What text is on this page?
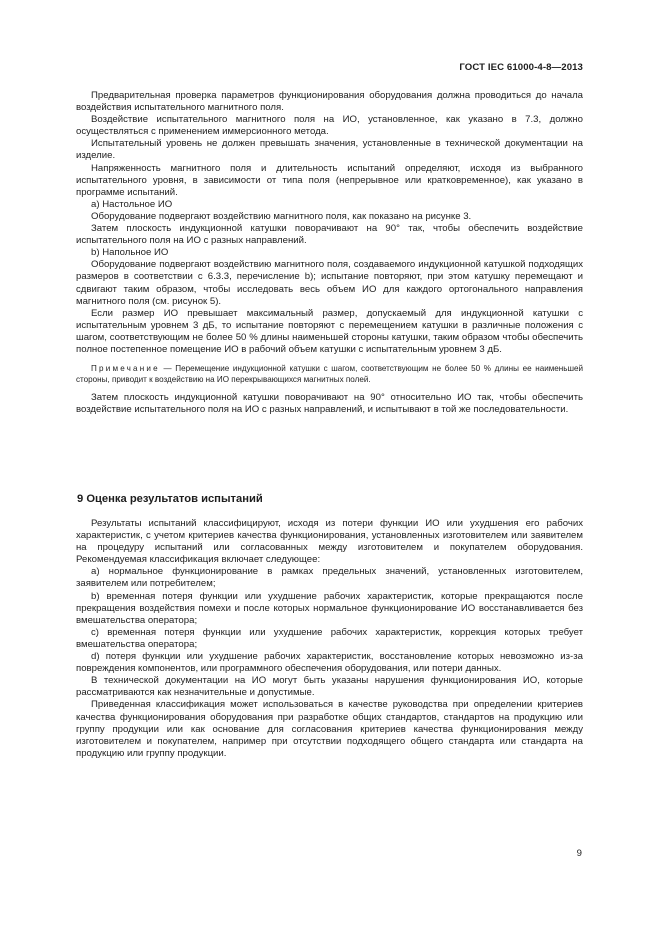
ГОСТ IEC 61000-4-8—2013

Предварительная проверка параметров функционирования оборудования должна проводиться до начала воздействия испытательного магнитного поля.

Воздействие испытательного магнитного поля на ИО, установленное, как указано в 7.3, должно осуществляться с применением иммерсионного метода.

Испытательный уровень не должен превышать значения, установленные в технической документации на изделие.

Напряженность магнитного поля и длительность испытаний определяют, исходя из выбранного испытательного уровня, в зависимости от типа поля (непрерывное или кратковременное), как указано в программе испытаний.

a) Настольное ИО

Оборудование подвергают воздействию магнитного поля, как показано на рисунке 3.

Затем плоскость индукционной катушки поворачивают на 90° так, чтобы обеспечить воздействие испытательного поля на ИО с разных направлений.

b) Напольное ИО

Оборудование подвергают воздействию магнитного поля, создаваемого индукционной катушкой подходящих размеров в соответствии с 6.3.3, перечисление b); испытание повторяют, при этом катушку перемещают и сдвигают таким образом, чтобы исследовать весь объем ИО для каждого ортогонального направления магнитного поля (см. рисунок 5).

Если размер ИО превышает максимальный размер, допускаемый для индукционной катушки с испытательным уровнем 3 дБ, то испытание повторяют с перемещением катушки в различные положения с шагом, соответствующим не более 50 % длины наименьшей стороны катушки, таким образом чтобы обеспечить полное постепенное помещение ИО в рабочий объем катушки с испытательным уровнем 3 дБ.

Примечание — Перемещение индукционной катушки с шагом, соответствующим не более 50 % длины ее наименьшей стороны, приводит к воздействию на ИО перекрывающихся магнитных полей.

Затем плоскость индукционной катушки поворачивают на 90° относительно ИО так, чтобы обеспечить воздействие испытательного поля на ИО с разных направлений, и испытывают в той же последовательности.

9 Оценка результатов испытаний

Результаты испытаний классифицируют, исходя из потери функции ИО или ухудшения его рабочих характеристик, с учетом критериев качества функционирования, установленных изготовителем или заявителем на процедуру испытаний или согласованных между изготовителем и покупателем оборудования. Рекомендуемая классификация включает следующее:

a) нормальное функционирование в рамках предельных значений, установленных изготовителем, заявителем или потребителем;

b) временная потеря функции или ухудшение рабочих характеристик, которые прекращаются после прекращения воздействия помехи и после которых нормальное функционирование ИО восстанавливается без вмешательства оператора;

c) временная потеря функции или ухудшение рабочих характеристик, коррекция которых требует вмешательства оператора;

d) потеря функции или ухудшение рабочих характеристик, восстановление которых невозможно из-за повреждения компонентов, или программного обеспечения оборудования, или потери данных.

В технической документации на ИО могут быть указаны нарушения функционирования ИО, которые рассматриваются как незначительные и допустимые.

Приведенная классификация может использоваться в качестве руководства при определении критериев качества функционирования оборудования при разработке общих стандартов, стандартов на продукцию или группу продукции или как основание для согласования критериев качества функционирования между изготовителем и покупателем, например при отсутствии подходящего общего стандарта или стандарта на продукцию или группу продукции.

9
